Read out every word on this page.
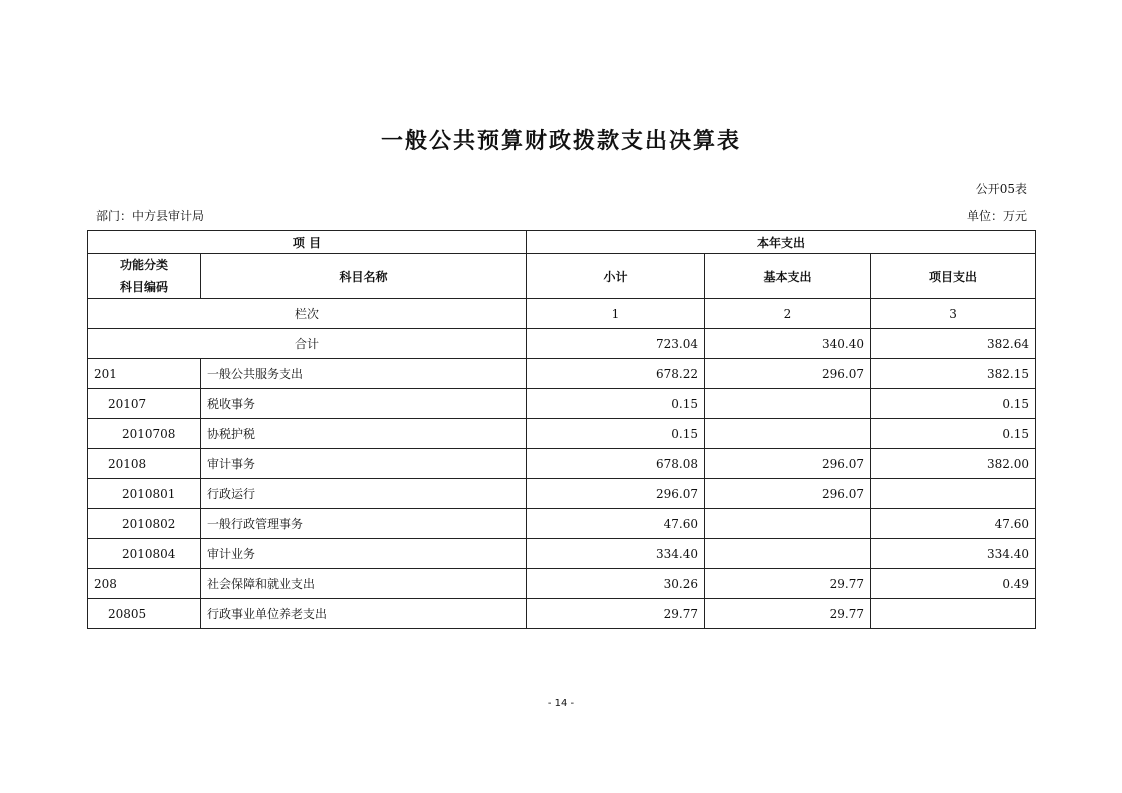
一般公共预算财政拨款支出决算表
公开05表
部门：中方县审计局	单位：万元
项 目		本年支出		

功能分类
科目编码	科目名称	小计	基本支出	项目支出
栏次		1	2	3
合计		723.04	340.40	382.64
201	一般公共服务支出	678.22	296.07	382.15
20107	税收事务	0.15		0.15
2010708	协税护税	0.15		0.15
20108	审计事务	678.08	296.07	382.00
2010801	行政运行	296.07	296.07	
2010802	一般行政管理事务	47.60		47.60
2010804	审计业务	334.40		334.40
208	社会保障和就业支出	30.26	29.77	0.49
20805	行政事业单位养老支出	29.77	29.77	
- 14 -
